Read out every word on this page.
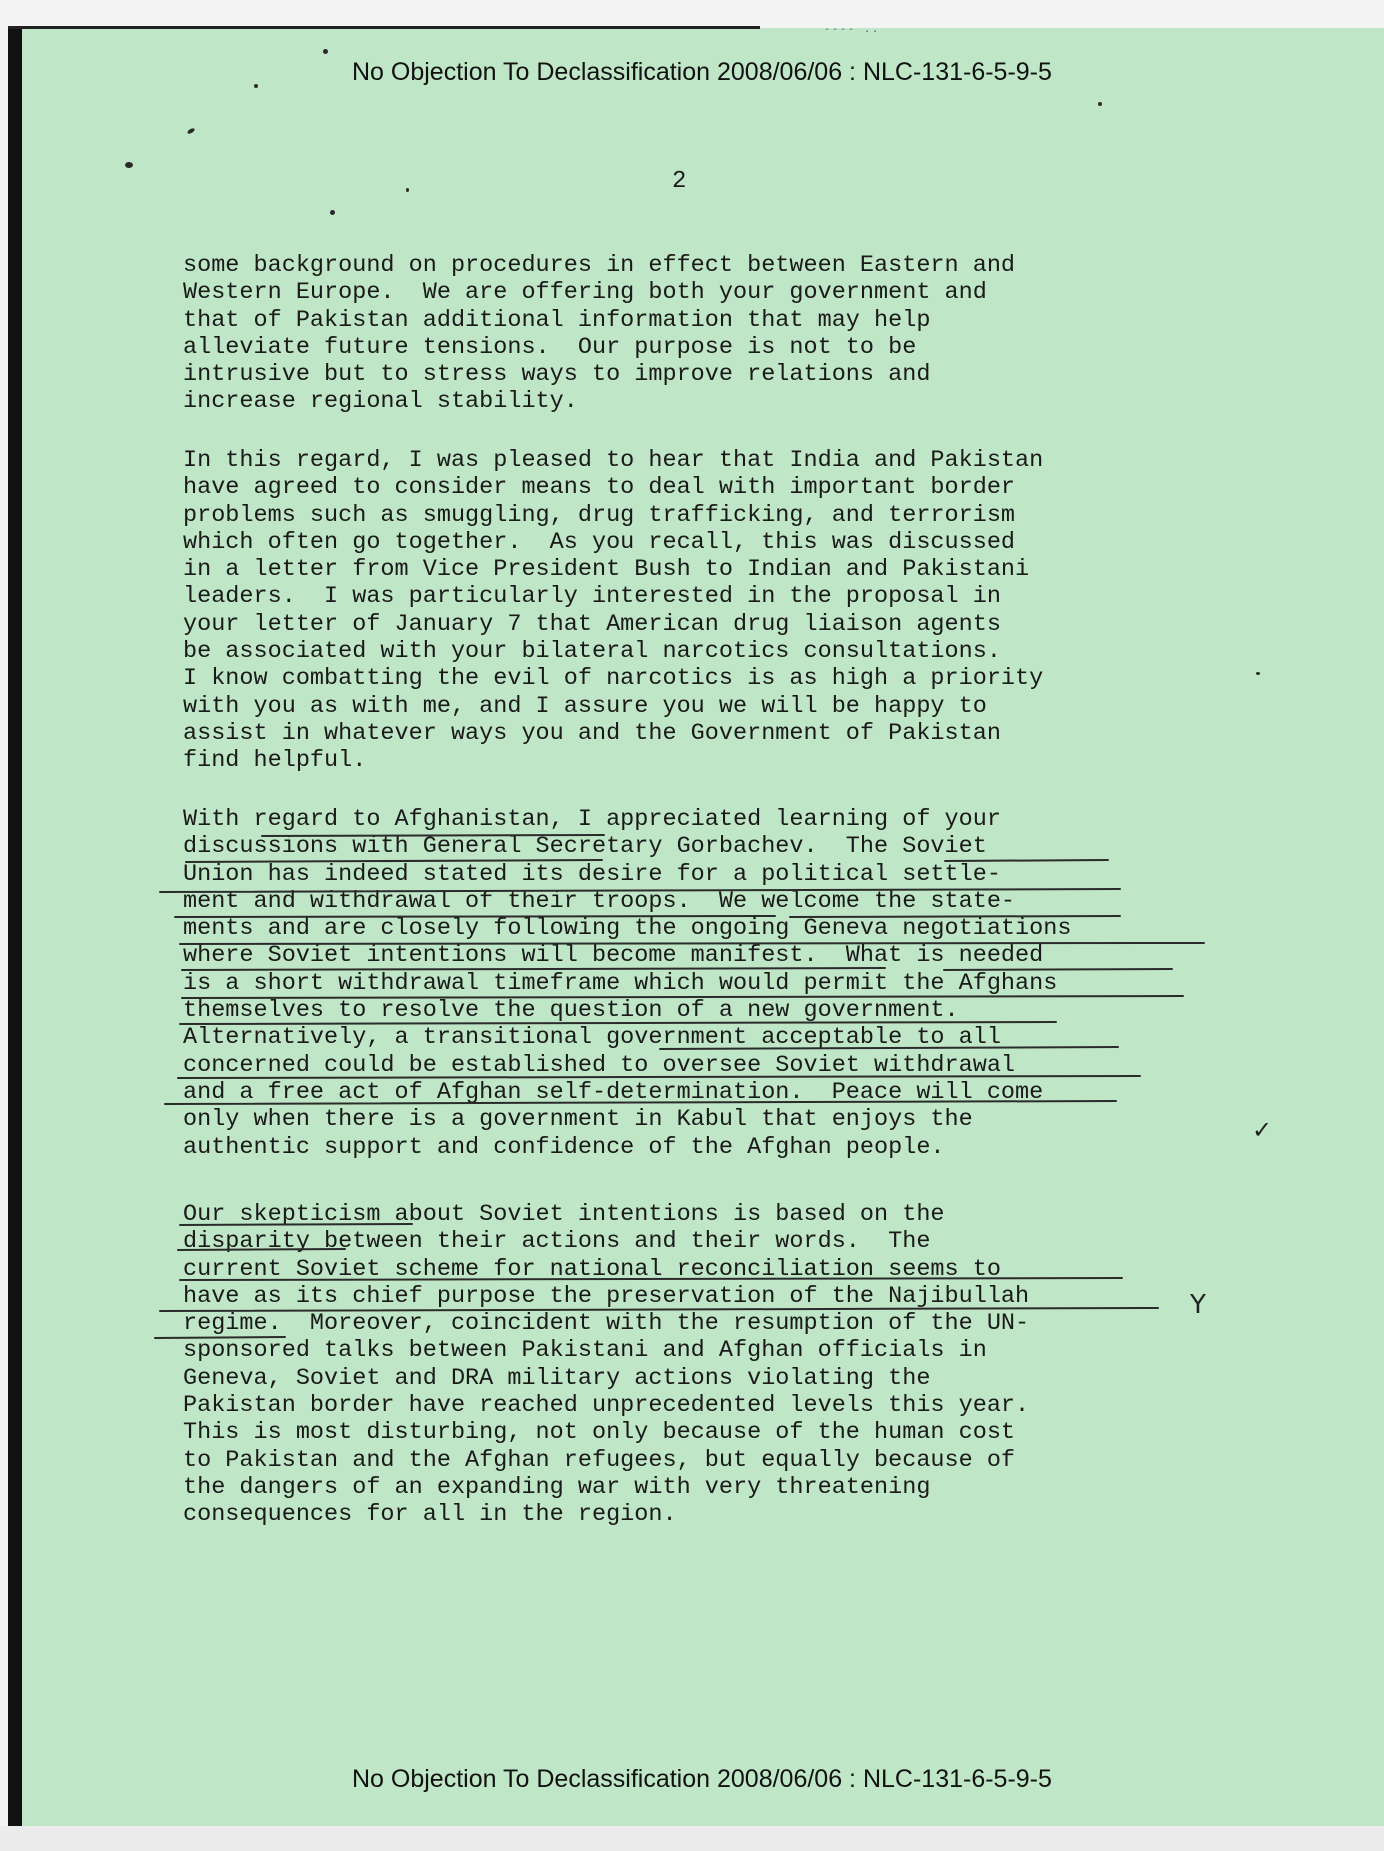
---- ..
No Objection To Declassification 2008/06/06 : NLC-131-6-5-9-5
2

some background on procedures in effect between Eastern and
Western Europe.  We are offering both your government and
that of Pakistan additional information that may help
alleviate future tensions.  Our purpose is not to be
intrusive but to stress ways to improve relations and
increase regional stability.

In this regard, I was pleased to hear that India and Pakistan
have agreed to consider means to deal with important border
problems such as smuggling, drug trafficking, and terrorism
which often go together.  As you recall, this was discussed
in a letter from Vice President Bush to Indian and Pakistani
leaders.  I was particularly interested in the proposal in
your letter of January 7 that American drug liaison agents
be associated with your bilateral narcotics consultations.
I know combatting the evil of narcotics is as high a priority
with you as with me, and I assure you we will be happy to
assist in whatever ways you and the Government of Pakistan
find helpful.

With regard to Afghanistan, I appreciated learning of your
discussions with General Secretary Gorbachev.  The Soviet
Union has indeed stated its desire for a political settle-
ment and withdrawal of their troops.  We welcome the state-
ments and are closely following the ongoing Geneva negotiations
where Soviet intentions will become manifest.  What is needed
is a short withdrawal timeframe which would permit the Afghans
themselves to resolve the question of a new government.
Alternatively, a transitional government acceptable to all
concerned could be established to oversee Soviet withdrawal
and a free act of Afghan self-determination.  Peace will come
only when there is a government in Kabul that enjoys the
authentic support and confidence of the Afghan people.

Our skepticism about Soviet intentions is based on the
disparity between their actions and their words.  The
current Soviet scheme for national reconciliation seems to
have as its chief purpose the preservation of the Najibullah
regime.  Moreover, coincident with the resumption of the UN-
sponsored talks between Pakistani and Afghan officials in
Geneva, Soviet and DRA military actions violating the
Pakistan border have reached unprecedented levels this year.
This is most disturbing, not only because of the human cost
to Pakistan and the Afghan refugees, but equally because of
the dangers of an expanding war with very threatening
consequences for all in the region.

✓
Y
No Objection To Declassification 2008/06/06 : NLC-131-6-5-9-5
